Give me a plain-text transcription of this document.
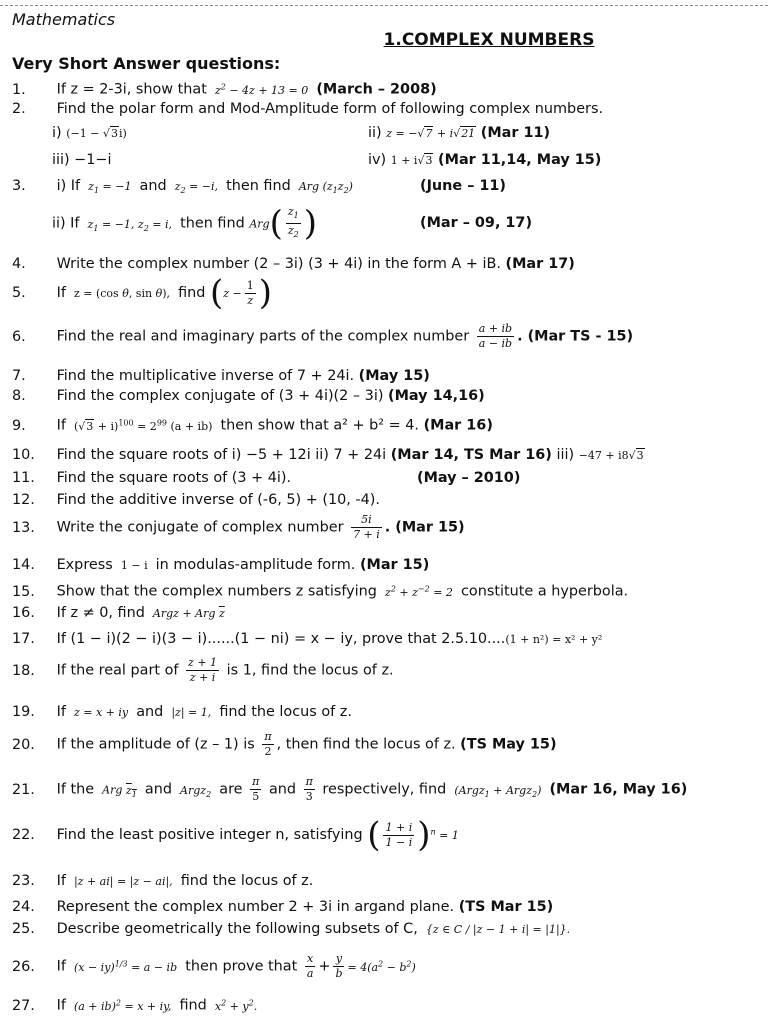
Mathematics
1.COMPLEX NUMBERS
Very Short Answer questions:
1. If z = 2-3i, show that  $z^2 - 4z + 13 = 0$  (March – 2008)
2. Find the polar form and Mod-Amplitude form of following complex numbers.
i) (−1 − √3i)	ii) z = −√7 + i√21 (Mar 11)
iii) −1−i	iv) 1 + i√3 (Mar 11,14, May 15)
3. i) If  $z_1 = -1$  and  $z_2 = -i$,  then find  Arg $(z_1z_2)$	(June – 11)
ii) If  $z_1 = -1$, $z_2 = i$,  then find $Arg( \frac{z_1}{z_2}$ )	(Mar – 09, 17)
4. Write the complex number (2 – 3i) (3 + 4i) in the form A + iB. (Mar 17)
5. If  z = (cos θ, sin θ),  find ($z - \frac{1}{z}$ )
6. Find the real and imaginary parts of the complex number $\frac{a + ib}{a - ib}$ . (Mar TS - 15)
7. Find the multiplicative inverse of 7 + 24i. (May 15)
8. Find the complex conjugate of (3 + 4i)(2 – 3i) (May 14,16)
9. If  $(√3 + i)^{100} = 2^{99}$ (a + ib)  then show that a² + b² = 4. (Mar 16)
10. Find the square roots of i) −5 + 12i ii) 7 + 24i (Mar 14, TS Mar 16) iii) −47 + i8√3
11. Find the square roots of (3 + 4i).	(May – 2010)
12. Find the additive inverse of (-6, 5) + (10, -4).
13. Write the conjugate of complex number $\frac{5i}{7 + i}$ . (Mar 15)
14. Express  1 − i  in modulas-amplitude form. (Mar 15)
15. Show that the complex numbers z satisfying  $z^2 + z^{-2} = 2$  constitute a hyperbola.
16. If z ≠ 0, find  Argz + Arg $\overline{z}$
17. If (1 − i)(2 − i)(3 − i)......(1 − ni) = x − iy, prove that 2.5.10....(1 + n²) = x² + y²
18. If the real part of $\frac{z + 1}{z + i}$ is 1, find the locus of z.
19. If  z = x + iy  and  |z| = 1,  find the locus of z.
20. If the amplitude of (z – 1) is $\frac{\pi}{2}$ , then find the locus of z. (TS May 15)
21. If the  Arg $z_1$ and  Argz$_2$ are $\frac{\pi}{5}$ and $\frac{\pi}{3}$ respectively, find  (Argz$_1$ + Argz$_2$)  (Mar 16, May 16)
22. Find the least positive integer n, satisfying ( $\frac{1 + i}{1 - i} )^n = 1$
23. If  |z + ai| = |z − ai|,  find the locus of z.
24. Represent the complex number 2 + 3i in argand plane. (TS Mar 15)
25. Describe geometrically the following subsets of C,  {z ∈ C / |z − 1 + i| = |1|}.
26. If  (x − iy)$^{1/3}$ = a − ib  then prove that $\frac{x}{a} + \frac{y}{b} = 4(a^2 - b^2)$
27. If  (a + ib)$^2$ = x + iy,  find  $x^2 + y^2$.
